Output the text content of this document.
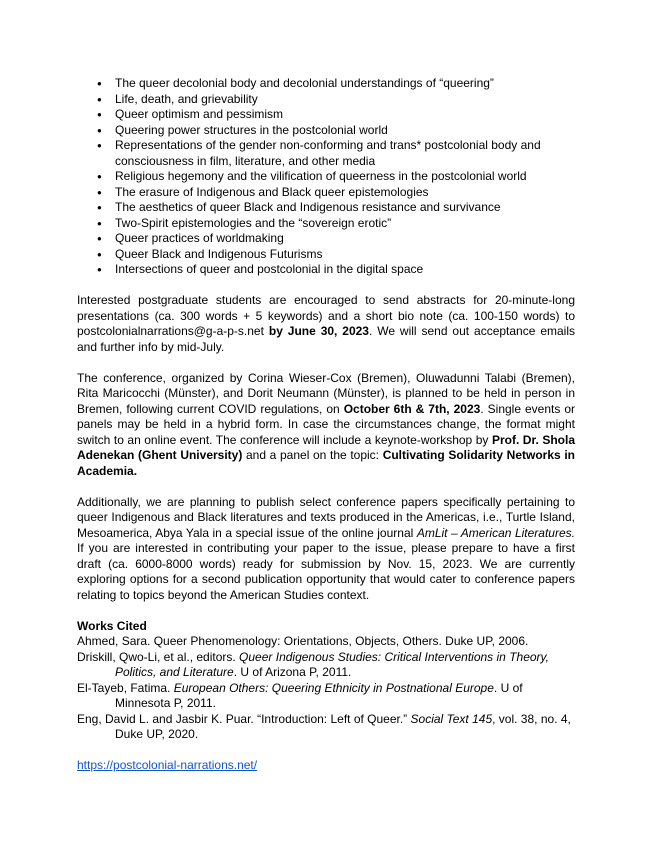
● The queer decolonial body and decolonial understandings of “queering”
● Life, death, and grievability
● Queer optimism and pessimism
● Queering power structures in the postcolonial world
● Representations of the gender non-conforming and trans* postcolonial body and consciousness in film, literature, and other media
● Religious hegemony and the vilification of queerness in the postcolonial world
● The erasure of Indigenous and Black queer epistemologies
● The aesthetics of queer Black and Indigenous resistance and survivance
● Two-Spirit epistemologies and the “sovereign erotic”
● Queer practices of worldmaking
● Queer Black and Indigenous Futurisms
● Intersections of queer and postcolonial in the digital space

Interested postgraduate students are encouraged to send abstracts for 20-minute-long presentations (ca. 300 words + 5 keywords) and a short bio note (ca. 100-150 words) to postcolonialnarrations@g-a-p-s.net by June 30, 2023. We will send out acceptance emails and further info by mid-July.

The conference, organized by Corina Wieser-Cox (Bremen), Oluwadunni Talabi (Bremen), Rita Maricocchi (Münster), and Dorit Neumann (Münster), is planned to be held in person in Bremen, following current COVID regulations, on October 6th & 7th, 2023. Single events or panels may be held in a hybrid form. In case the circumstances change, the format might switch to an online event. The conference will include a keynote-workshop by Prof. Dr. Shola Adenekan (Ghent University) and a panel on the topic: Cultivating Solidarity Networks in Academia.

Additionally, we are planning to publish select conference papers specifically pertaining to queer Indigenous and Black literatures and texts produced in the Americas, i.e., Turtle Island, Mesoamerica, Abya Yala in a special issue of the online journal AmLit – American Literatures. If you are interested in contributing your paper to the issue, please prepare to have a first draft (ca. 6000-8000 words) ready for submission by Nov. 15, 2023. We are currently exploring options for a second publication opportunity that would cater to conference papers relating to topics beyond the American Studies context.

Works Cited
Ahmed, Sara. Queer Phenomenology: Orientations, Objects, Others. Duke UP, 2006.
Driskill, Qwo-Li, et al., editors. Queer Indigenous Studies: Critical Interventions in Theory, Politics, and Literature. U of Arizona P, 2011.
El-Tayeb, Fatima. European Others: Queering Ethnicity in Postnational Europe. U of Minnesota P, 2011.
Eng, David L. and Jasbir K. Puar. “Introduction: Left of Queer.” Social Text 145, vol. 38, no. 4, Duke UP, 2020.
https://postcolonial-narrations.net/
